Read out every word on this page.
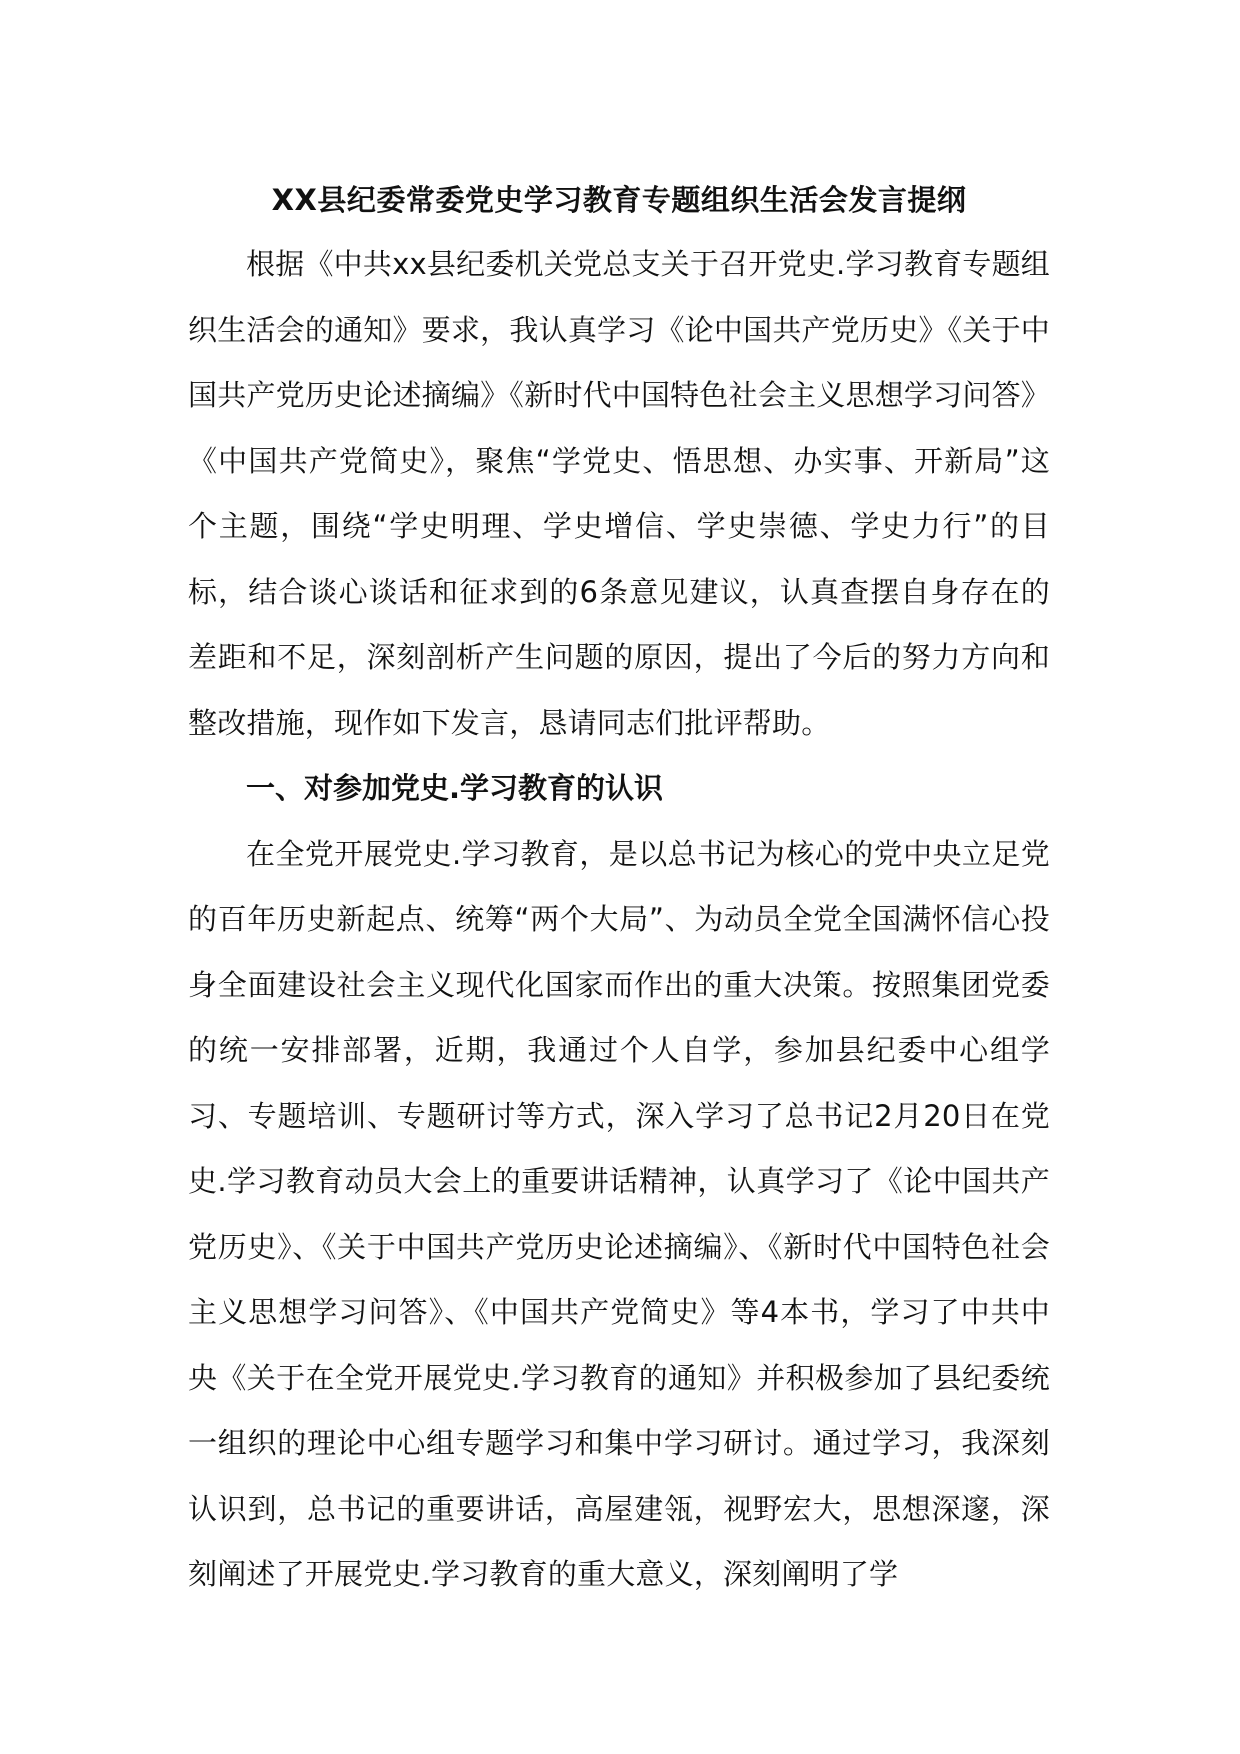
XX县纪委常委党史学习教育专题组织生活会发言提纲

根据《中共xx县纪委机关党总支关于召开党史.学习教育专题组织生活会的通知》要求，我认真学习《论中国共产党历史》《关于中国共产党历史论述摘编》《新时代中国特色社会主义思想学习问答》《中国共产党简史》，聚焦“学党史、悟思想、办实事、开新局”这个主题，围绕“学史明理、学史增信、学史崇德、学史力行”的目标，结合谈心谈话和征求到的6条意见建议，认真查摆自身存在的差距和不足，深刻剖析产生问题的原因，提出了今后的努力方向和整改措施，现作如下发言，恳请同志们批评帮助。

一、对参加党史.学习教育的认识

在全党开展党史.学习教育，是以总书记为核心的党中央立足党的百年历史新起点、统筹“两个大局”、为动员全党全国满怀信心投身全面建设社会主义现代化国家而作出的重大决策。按照集团党委的统一安排部署，近期，我通过个人自学，参加县纪委中心组学习、专题培训、专题研讨等方式，深入学习了总书记2月20日在党史.学习教育动员大会上的重要讲话精神，认真学习了《论中国共产党历史》、《关于中国共产党历史论述摘编》、《新时代中国特色社会主义思想学习问答》、《中国共产党简史》等4本书，学习了中共中央《关于在全党开展党史.学习教育的通知》并积极参加了县纪委统一组织的理论中心组专题学习和集中学习研讨。通过学习，我深刻认识到，总书记的重要讲话，高屋建瓴，视野宏大，思想深邃，深刻阐述了开展党史.学习教育的重大意义，深刻阐明了学
